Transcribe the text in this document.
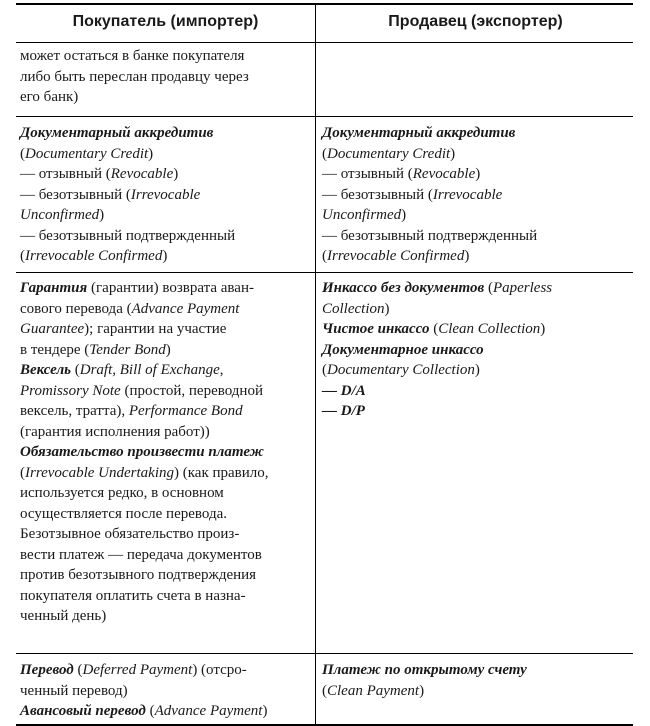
Покупатель (импортер)	Продавец (экспортер)
может остаться в банке покупателя
либо быть переслан продавцу через
его банк)
Документарный аккредитив
(Documentary Credit)
— отзывный (Revocable)
— безотзывный (Irrevocable
Unconfirmed)
— безотзывный подтвержденный
(Irrevocable Confirmed)
Документарный аккредитив
(Documentary Credit)
— отзывный (Revocable)
— безотзывный (Irrevocable
Unconfirmed)
— безотзывный подтвержденный
(Irrevocable Confirmed)
Гарантия (гарантии) возврата аван-
сового перевода (Advance Payment
Guarantee); гарантии на участие
в тендере (Tender Bond)
Вексель (Draft, Bill of Exchange,
Promissory Note (простой, переводной
вексель, тратта), Performance Bond
(гарантия исполнения работ))
Обязательство произвести платеж
(Irrevocable Undertaking) (как правило,
используется редко, в основном
осуществляется после перевода.
Безотзывное обязательство произ-
вести платеж — передача документов
против безотзывного подтверждения
покупателя оплатить счета в назна-
ченный день)
Инкассо без документов (Paperless
Collection)
Чистое инкассо (Clean Collection)
Документарное инкассо
(Documentary Collection)
— D/A
— D/P
Перевод (Deferred Payment) (отсро-
ченный перевод)
Авансовый перевод (Advance Payment)
Платеж по открытому счету
(Clean Payment)
